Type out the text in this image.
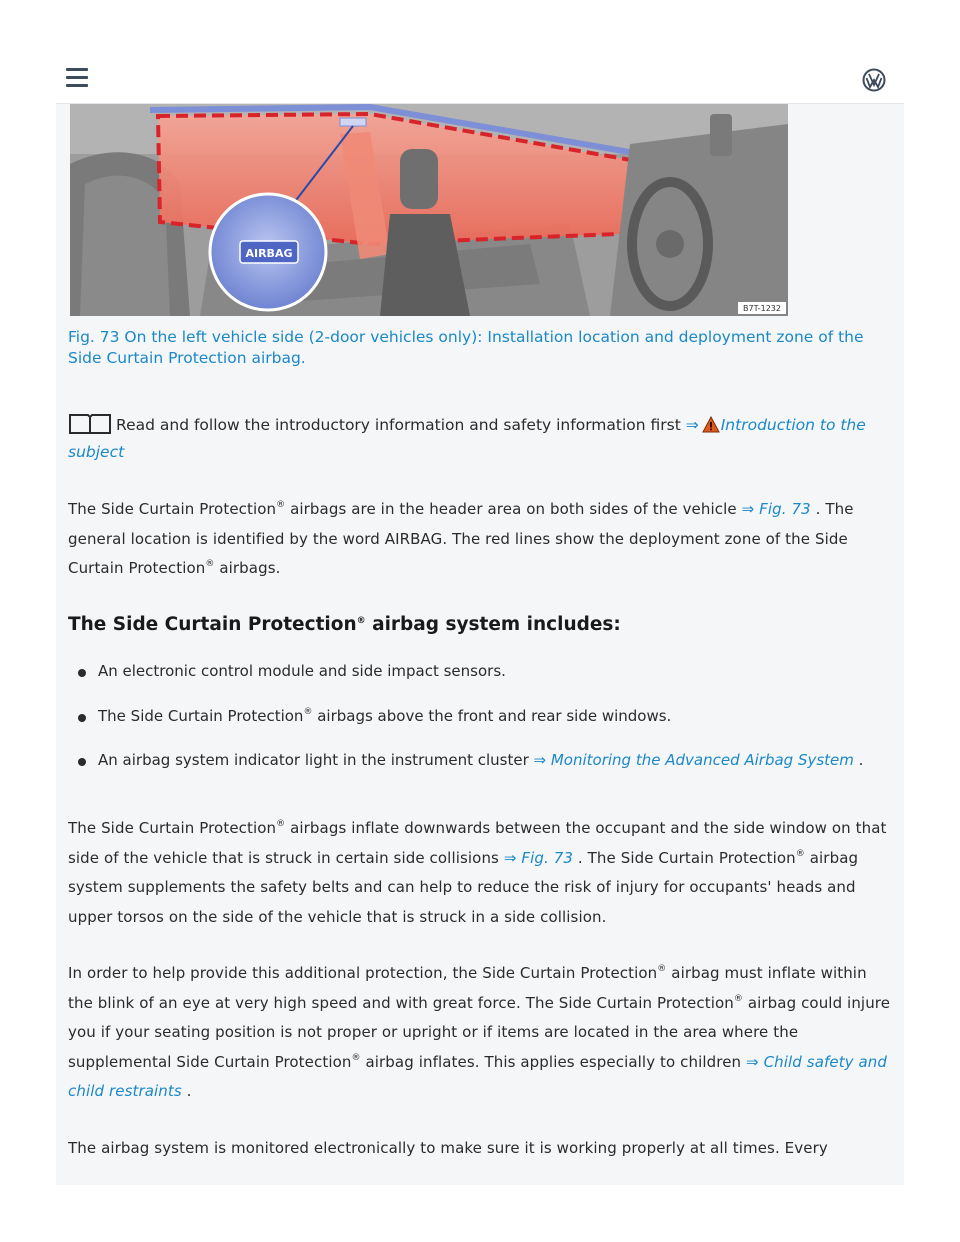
AIRBAG
B7T-1232
Fig. 73 On the left vehicle side (2-door vehicles only): Installation location and deployment zone of the Side Curtain Protection airbag.
Read and follow the introductory information and safety information first ⇒ Introduction to the subject
The Side Curtain Protection® airbags are in the header area on both sides of the vehicle ⇒ Fig. 73 . The general location is identified by the word AIRBAG. The red lines show the deployment zone of the Side Curtain Protection® airbags.
The Side Curtain Protection® airbag system includes:
An electronic control module and side impact sensors.
The Side Curtain Protection® airbags above the front and rear side windows.
An airbag system indicator light in the instrument cluster ⇒ Monitoring the Advanced Airbag System .
The Side Curtain Protection® airbags inflate downwards between the occupant and the side window on that side of the vehicle that is struck in certain side collisions ⇒ Fig. 73 . The Side Curtain Protection® airbag system supplements the safety belts and can help to reduce the risk of injury for occupants' heads and upper torsos on the side of the vehicle that is struck in a side collision.
In order to help provide this additional protection, the Side Curtain Protection® airbag must inflate within the blink of an eye at very high speed and with great force. The Side Curtain Protection® airbag could injure you if your seating position is not proper or upright or if items are located in the area where the supplemental Side Curtain Protection® airbag inflates. This applies especially to children ⇒ Child safety and child restraints .
The airbag system is monitored electronically to make sure it is working properly at all times. Every
